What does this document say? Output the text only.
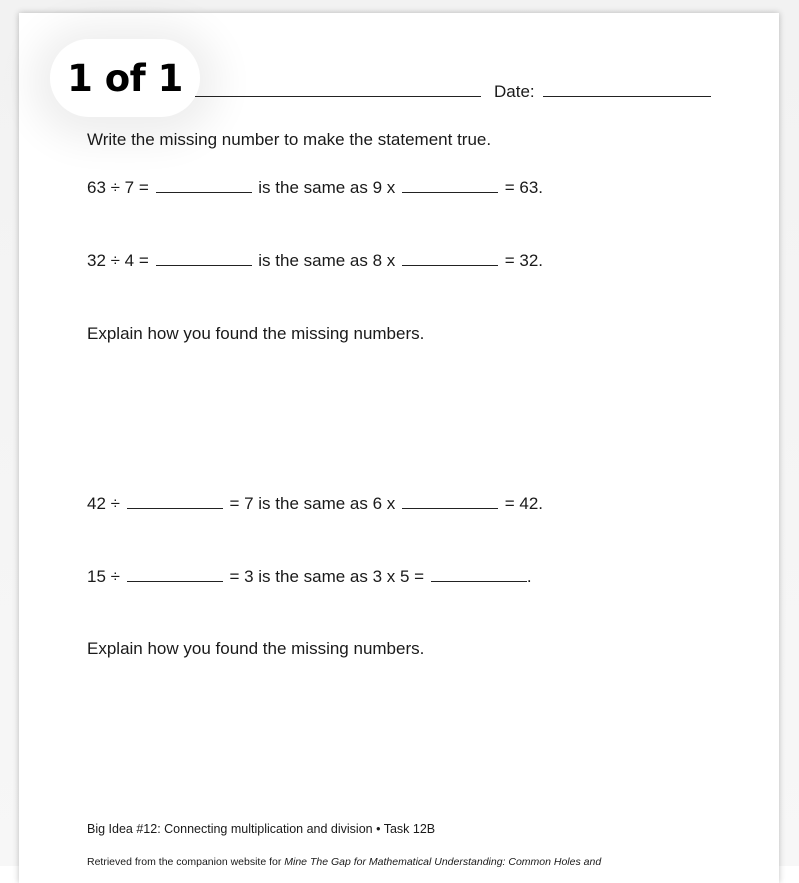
1 of 1	Date:
Write the missing number to make the statement true.
63 ÷ 7 =	is the same as 9 x	= 63.
32 ÷ 4 =	is the same as 8 x	= 32.
Explain how you found the missing numbers.
42 ÷	= 7 is the same as 6 x	= 42.
15 ÷	= 3 is the same as 3 x 5 =	.
Explain how you found the missing numbers.
Big Idea #12: Connecting multiplication and division • Task 12B
Retrieved from the companion website for Mine The Gap for Mathematical Understanding: Common Holes and
